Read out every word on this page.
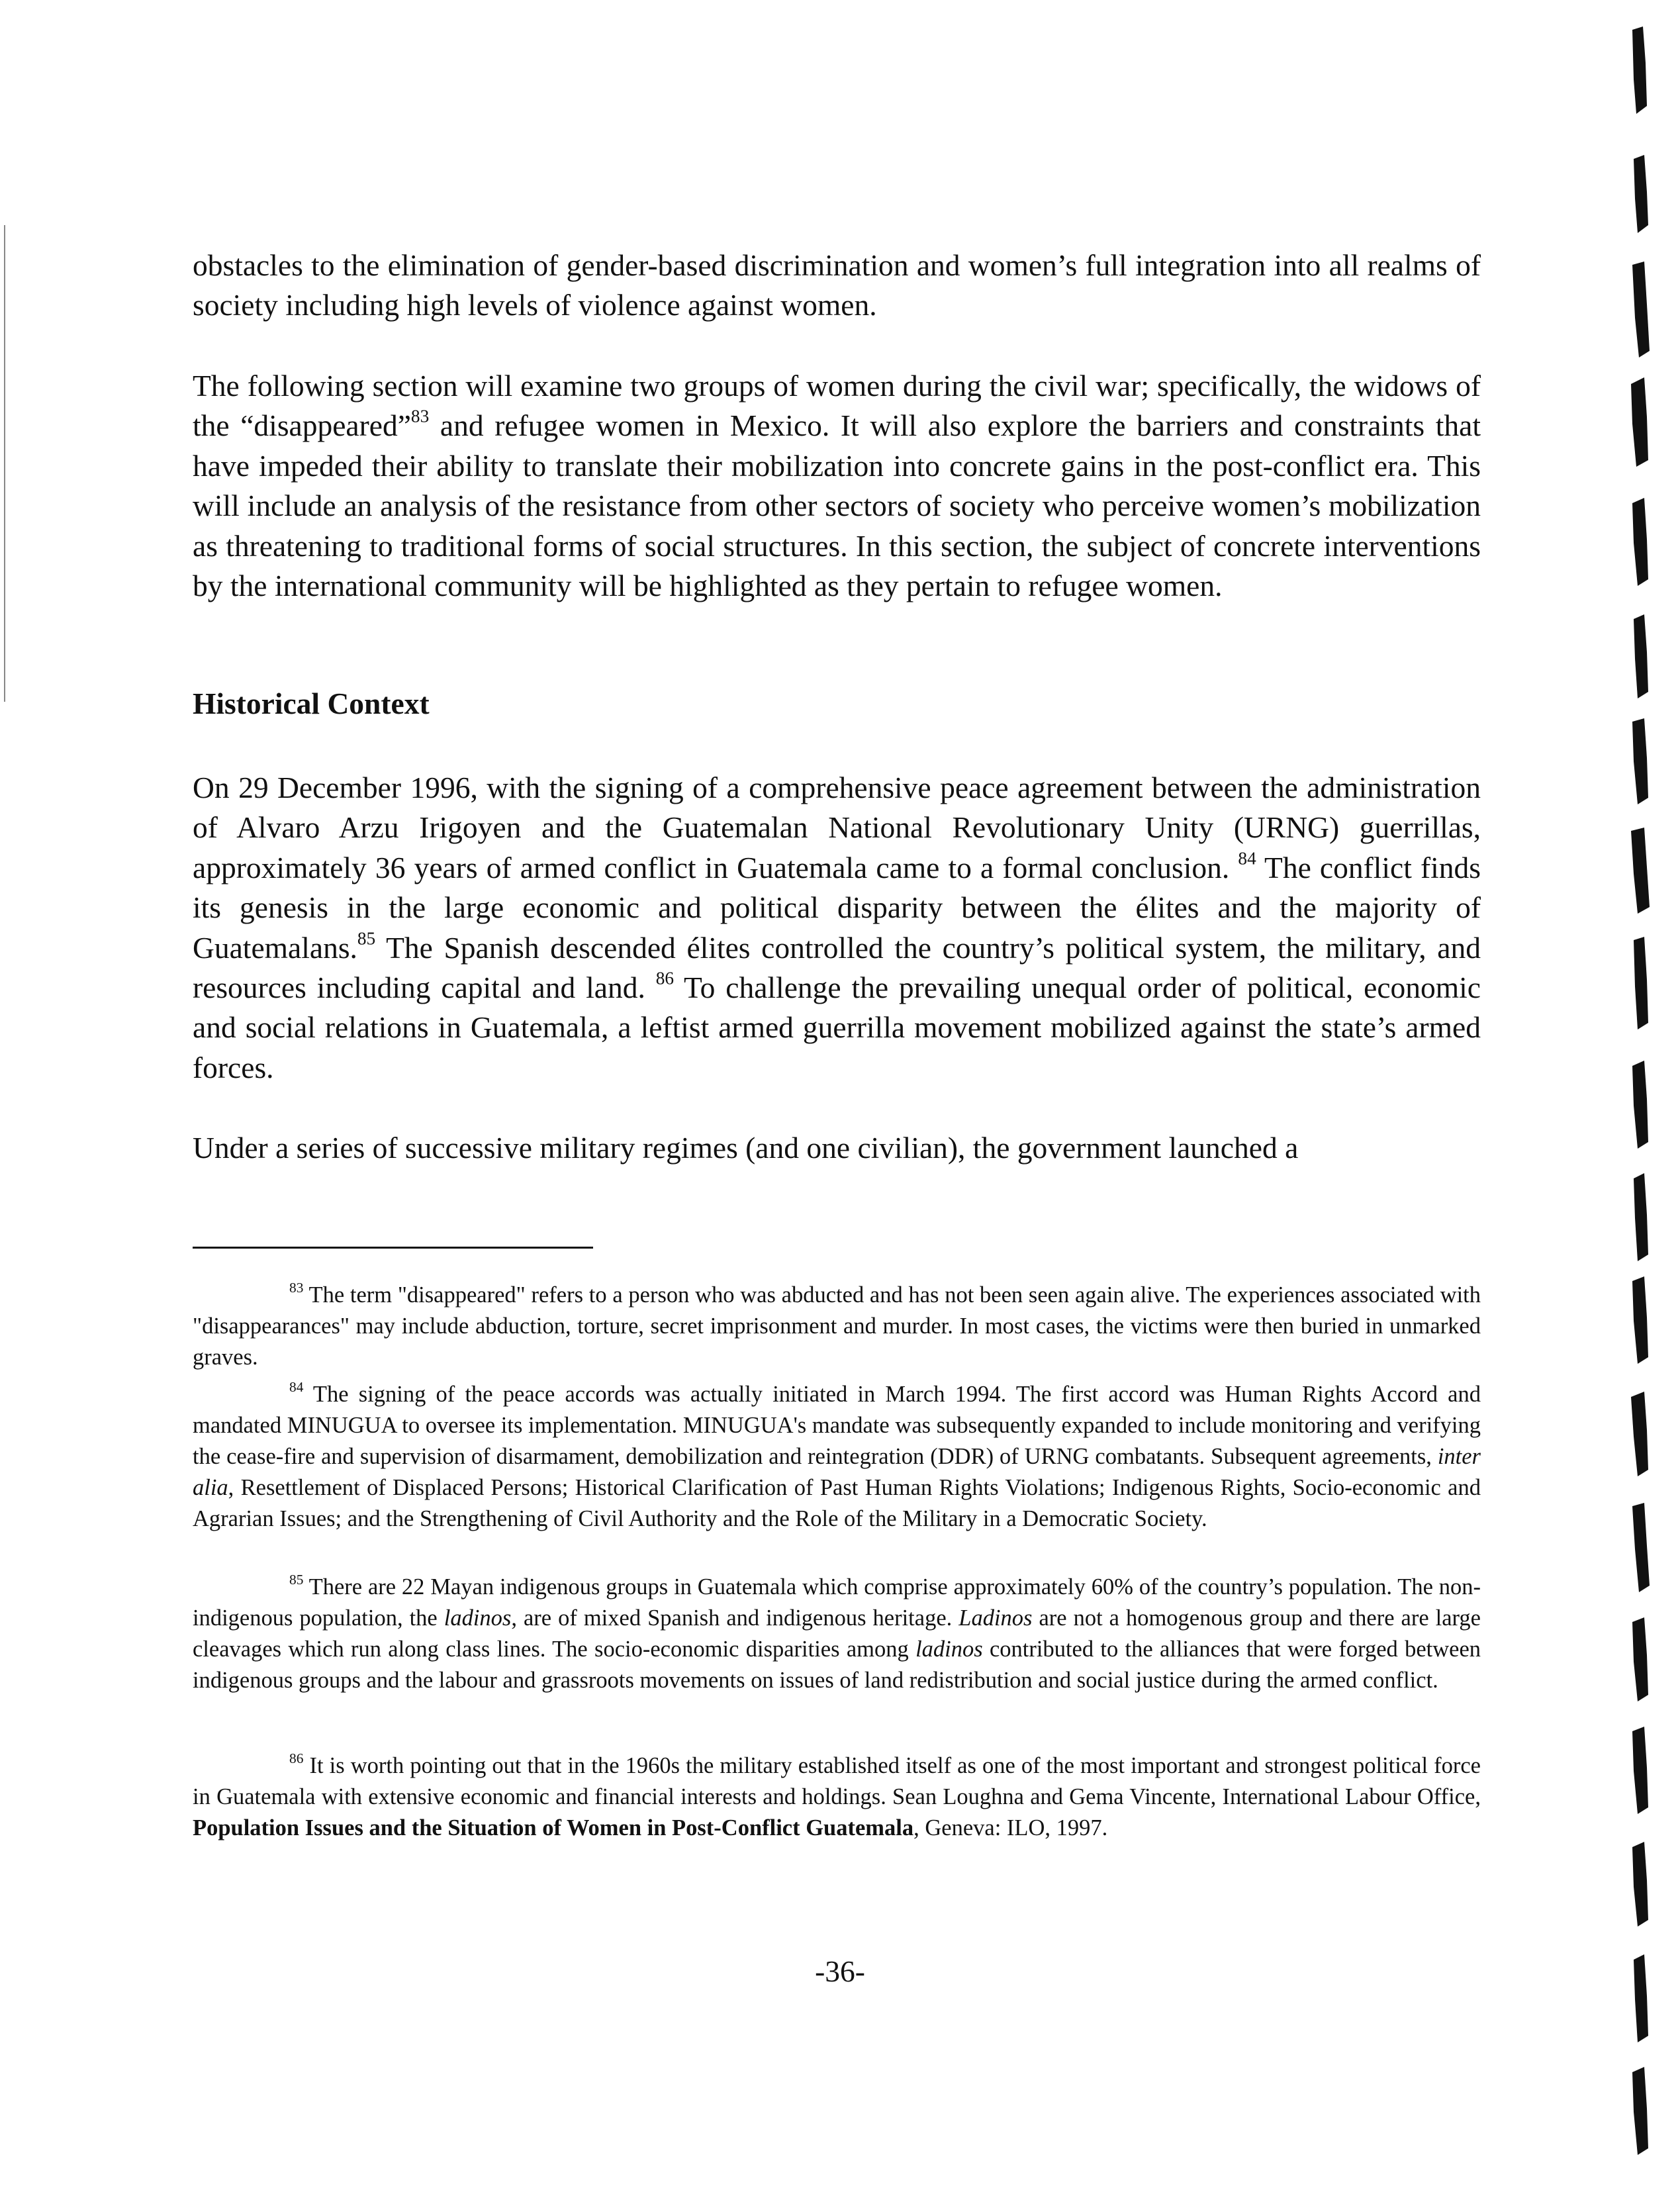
obstacles to the elimination of gender-based discrimination and women’s full integration into all realms of society including high levels of violence against women.

The following section will examine two groups of women during the civil war; specifically, the widows of the “disappeared”$^{83}$ and refugee women in Mexico. It will also explore the barriers and constraints that have impeded their ability to translate their mobilization into concrete gains in the post-conflict era. This will include an analysis of the resistance from other sectors of society who perceive women’s mobilization as threatening to traditional forms of social structures. In this section, the subject of concrete interventions by the international community will be highlighted as they pertain to refugee women.

Historical Context

On 29 December 1996, with the signing of a comprehensive peace agreement between the administration of Alvaro Arzu Irigoyen and the Guatemalan National Revolutionary Unity (URNG) guerrillas, approximately 36 years of armed conflict in Guatemala came to a formal conclusion. $^{84}$ The conflict finds its genesis in the large economic and political disparity between the élites and the majority of Guatemalans.$^{85}$ The Spanish descended élites controlled the country’s political system, the military, and resources including capital and land. $^{86}$ To challenge the prevailing unequal order of political, economic and social relations in Guatemala, a leftist armed guerrilla movement mobilized against the state’s armed forces.

Under a series of successive military regimes (and one civilian), the government launched a

$^{83}$ The term "disappeared" refers to a person who was abducted and has not been seen again alive. The experiences associated with "disappearances" may include abduction, torture, secret imprisonment and murder. In most cases, the victims were then buried in unmarked graves.

$^{84}$ The signing of the peace accords was actually initiated in March 1994. The first accord was Human Rights Accord and mandated MINUGUA to oversee its implementation. MINUGUA's mandate was subsequently expanded to include monitoring and verifying the cease-fire and supervision of disarmament, demobilization and reintegration (DDR) of URNG combatants. Subsequent agreements, inter alia, Resettlement of Displaced Persons; Historical Clarification of Past Human Rights Violations; Indigenous Rights, Socio-economic and Agrarian Issues; and the Strengthening of Civil Authority and the Role of the Military in a Democratic Society.

$^{85}$ There are 22 Mayan indigenous groups in Guatemala which comprise approximately 60% of the country’s population. The non-indigenous population, the ladinos, are of mixed Spanish and indigenous heritage. Ladinos are not a homogenous group and there are large cleavages which run along class lines. The socio-economic disparities among ladinos contributed to the alliances that were forged between indigenous groups and the labour and grassroots movements on issues of land redistribution and social justice during the armed conflict.

$^{86}$ It is worth pointing out that in the 1960s the military established itself as one of the most important and strongest political force in Guatemala with extensive economic and financial interests and holdings. Sean Loughna and Gema Vincente, International Labour Office, Population Issues and the Situation of Women in Post-Conflict Guatemala, Geneva: ILO, 1997.

-36-
